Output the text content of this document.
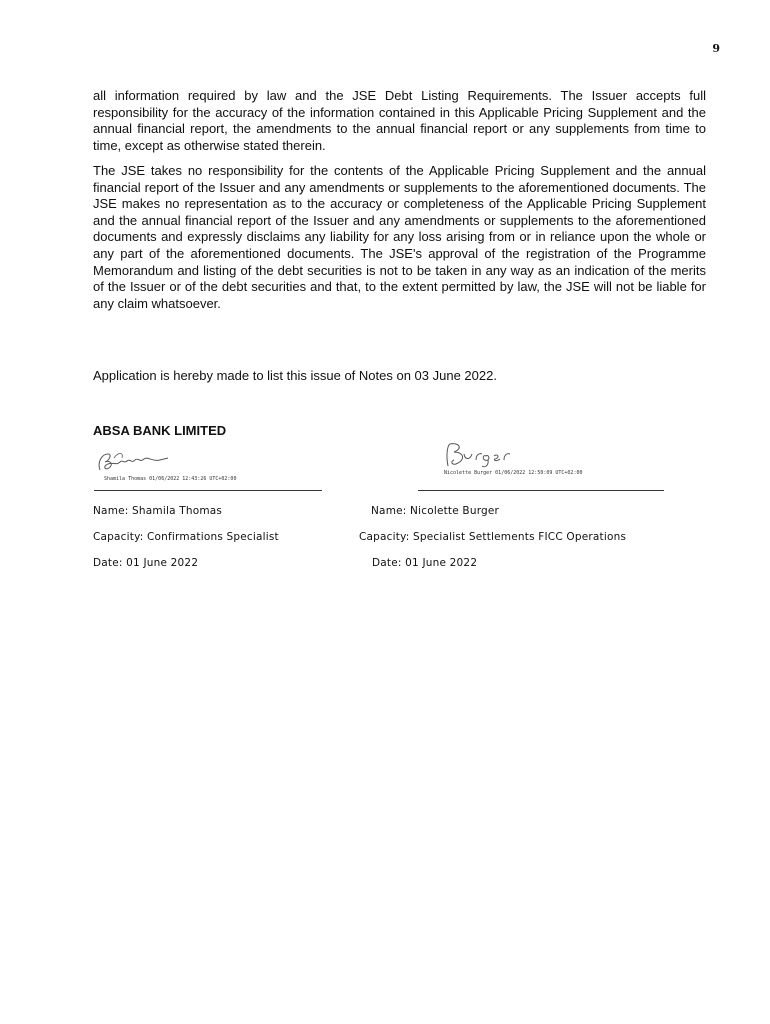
9

all information required by law and the JSE Debt Listing Requirements. The Issuer accepts full responsibility for the accuracy of the information contained in this Applicable Pricing Supplement and the annual financial report, the amendments to the annual financial report or any supplements from time to time, except as otherwise stated therein.

The JSE takes no responsibility for the contents of the Applicable Pricing Supplement and the annual financial report of the Issuer and any amendments or supplements to the aforementioned documents. The JSE makes no representation as to the accuracy or completeness of the Applicable Pricing Supplement and the annual financial report of the Issuer and any amendments or supplements to the aforementioned documents and expressly disclaims any liability for any loss arising from or in reliance upon the whole or any part of the aforementioned documents. The JSE's approval of the registration of the Programme Memorandum and listing of the debt securities is not to be taken in any way as an indication of the merits of the Issuer or of the debt securities and that, to the extent permitted by law, the JSE will not be liable for any claim whatsoever.

Application is hereby made to list this issue of Notes on 03 June 2022.
ABSA BANK LIMITED
Shamila Thomas 01/06/2022 12:43:26 UTC+02:00
Nicolette Burger 01/06/2022 12:50:09 UTC+02:00
Name: Shamila Thomas	Name: Nicolette Burger
Capacity: Confirmations Specialist	Capacity: Specialist Settlements FICC Operations
Date: 01 June 2022	Date: 01 June 2022
